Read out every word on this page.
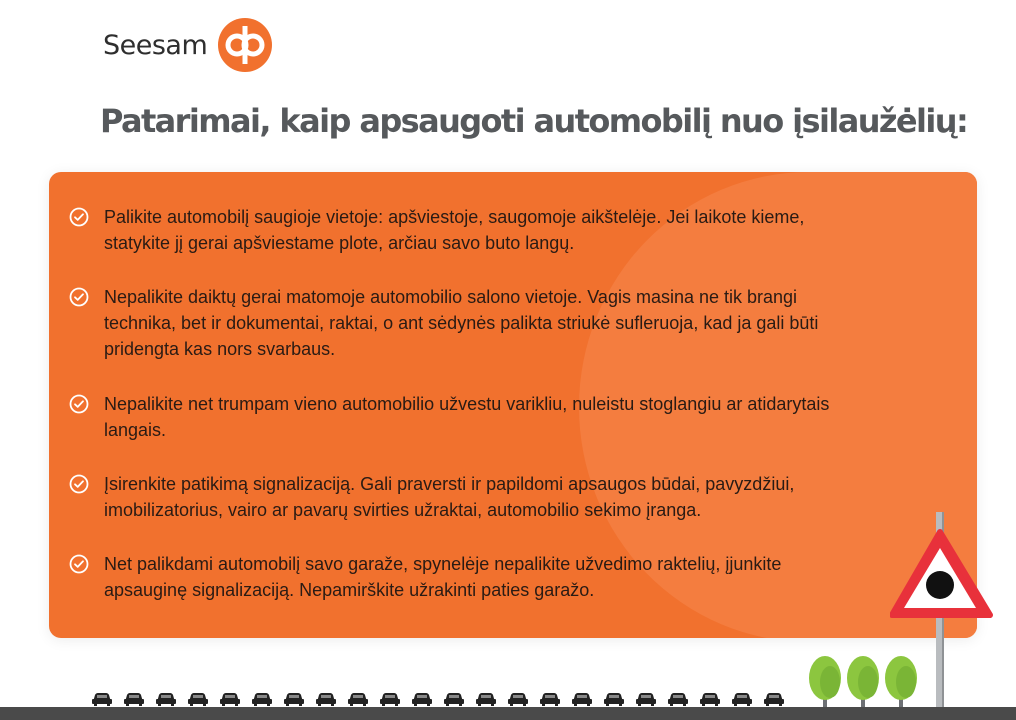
Seesam
Patarimai, kaip apsaugoti automobilį nuo įsilaužėlių:
Palikite automobilį saugioje vietoje: apšviestoje, saugomoje aikštelėje. Jei laikote kieme,
statykite jį gerai apšviestame plote, arčiau savo buto langų.
Nepalikite daiktų gerai matomoje automobilio salono vietoje. Vagis masina ne tik brangi
technika, bet ir dokumentai, raktai, o ant sėdynės palikta striukė sufleruoja, kad ja gali būti
pridengta kas nors svarbaus.
Nepalikite net trumpam vieno automobilio užvestu varikliu, nuleistu stoglangiu ar atidarytais
langais.
Įsirenkite patikimą signalizaciją. Gali praversti ir papildomi apsaugos būdai, pavyzdžiui,
imobilizatorius, vairo ar pavarų svirties užraktai, automobilio sekimo įranga.
Net palikdami automobilį savo garaže, spynelėje nepalikite užvedimo raktelių, įjunkite
apsauginę signalizaciją. Nepamirškite užrakinti paties garažo.
